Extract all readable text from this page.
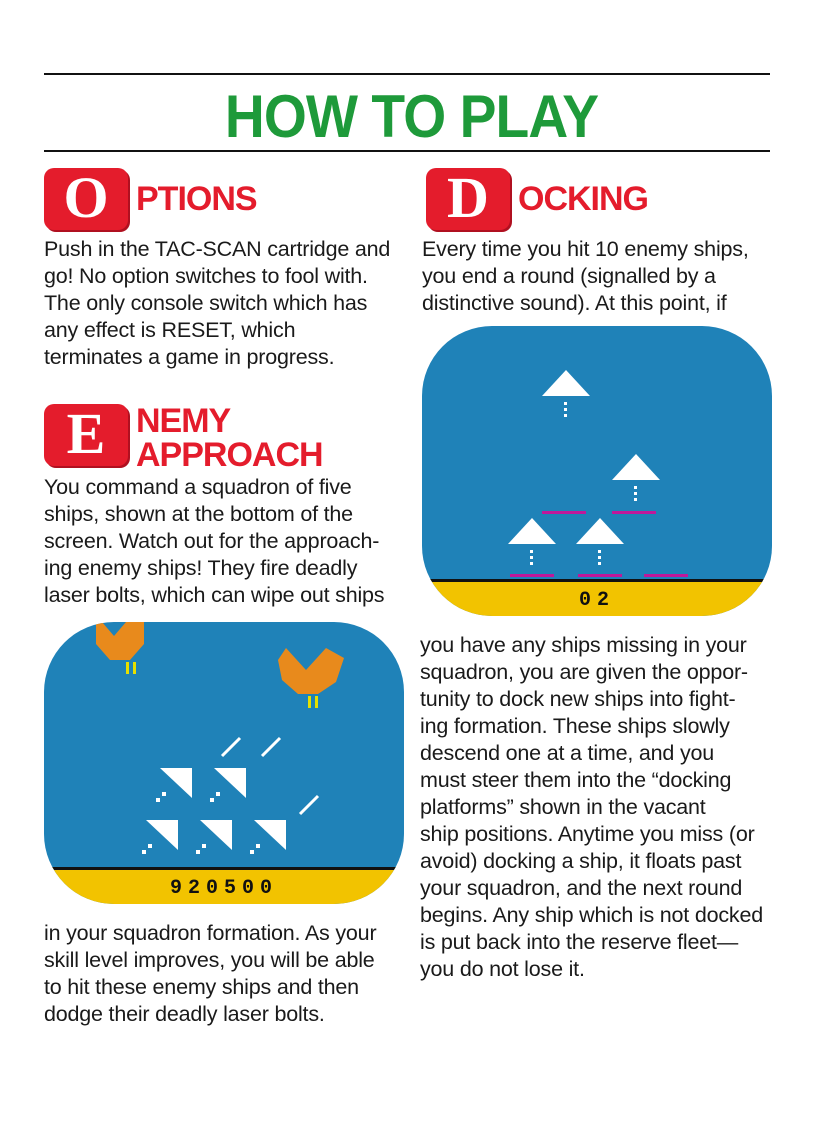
HOW TO PLAY
O PTIONS
Push in the TAC-SCAN cartridge and
go! No option switches to fool with.
The only console switch which has
any effect is RESET, which
terminates a game in progress.
E NEMY
APPROACH
You command a squadron of five
ships, shown at the bottom of the
screen. Watch out for the approach-
ing enemy ships! They fire deadly
laser bolts, which can wipe out ships
920500
in your squadron formation. As your
skill level improves, you will be able
to hit these enemy ships and then
dodge their deadly laser bolts.
D OCKING
Every time you hit 10 enemy ships,
you end a round (signalled by a
distinctive sound). At this point, if
02
you have any ships missing in your
squadron, you are given the oppor-
tunity to dock new ships into fight-
ing formation. These ships slowly
descend one at a time, and you
must steer them into the “docking
platforms” shown in the vacant
ship positions. Anytime you miss (or
avoid) docking a ship, it floats past
your squadron, and the next round
begins. Any ship which is not docked
is put back into the reserve fleet—
you do not lose it.
